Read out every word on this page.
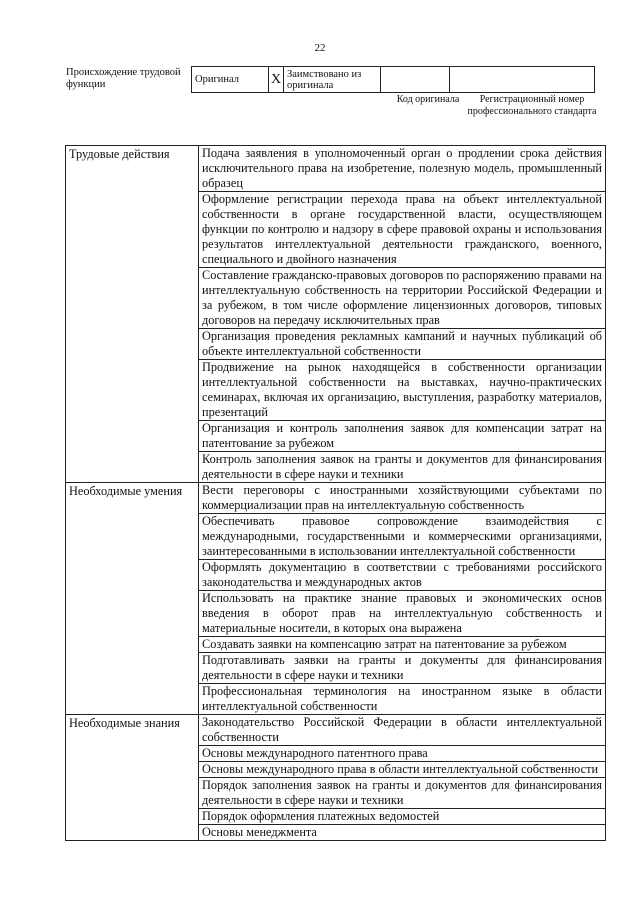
22
Происхождение трудовой функции	Оригинал	X	Заимствовано из оригинала		
Код оригинала	Регистрационный номер профессионального стандарта
Трудовые действия	Подача заявления в уполномоченный орган о продлении срока действия исключительного права на изобретение, полезную модель, промышленный образец
	Оформление регистрации перехода права на объект интеллектуальной собственности в органе государственной власти, осуществляющем функции по контролю и надзору в сфере правовой охраны и использования результатов интеллектуальной деятельности гражданского, военного, специального и двойного назначения
	Составление гражданско-правовых договоров по распоряжению правами на интеллектуальную собственность на территории Российской Федерации и за рубежом, в том числе оформление лицензионных договоров, типовых договоров на передачу исключительных прав
	Организация проведения рекламных кампаний и научных публикаций об объекте интеллектуальной собственности
	Продвижение на рынок находящейся в собственности организации интеллектуальной собственности на выставках, научно-практических семинарах, включая их организацию, выступления, разработку материалов, презентаций
	Организация и контроль заполнения заявок для компенсации затрат на патентование за рубежом
	Контроль заполнения заявок на гранты и документов для финансирования деятельности в сфере науки и техники
Необходимые умения	Вести переговоры с иностранными хозяйствующими субъектами по коммерциализации прав на интеллектуальную собственность
	Обеспечивать правовое сопровождение взаимодействия с международными, государственными и коммерческими организациями, заинтересованными в использовании интеллектуальной собственности
	Оформлять документацию в соответствии с требованиями российского законодательства и международных актов
	Использовать на практике знание правовых и экономических основ введения в оборот прав на интеллектуальную собственность и материальные носители, в которых она выражена
	Создавать заявки на компенсацию затрат на патентование за рубежом
	Подготавливать заявки на гранты и документы для финансирования деятельности в сфере науки и техники
	Профессиональная терминология на иностранном языке в области интеллектуальной собственности
Необходимые знания	Законодательство Российской Федерации в области интеллектуальной собственности
	Основы международного патентного права
	Основы международного права в области интеллектуальной собственности
	Порядок заполнения заявок на гранты и документов для финансирования деятельности в сфере науки и техники
	Порядок оформления платежных ведомостей
	Основы менеджмента
